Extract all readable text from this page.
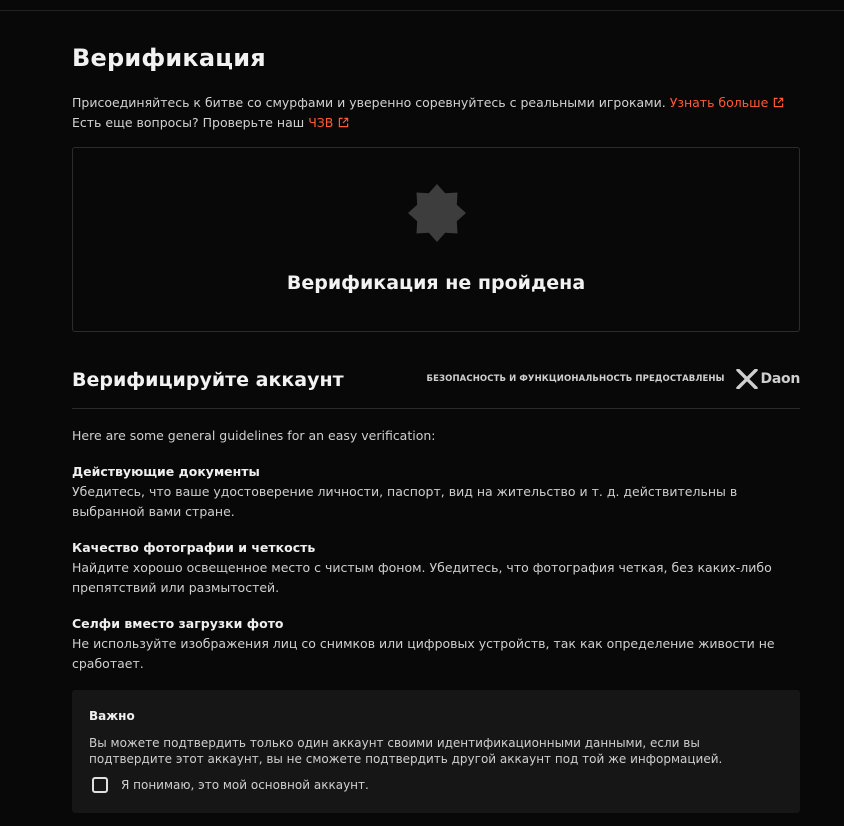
Верификация
Присоединяйтесь к битве со смурфами и уверенно соревнуйтесь с реальными игроками. Узнать больше
Есть еще вопросы? Проверьте наш ЧЗВ
Верификация не пройдена
Верифицируйте аккаунт	БЕЗОПАСНОСТЬ И ФУНКЦИОНАЛЬНОСТЬ ПРЕДОСТАВЛЕНЫ	Daon
Here are some general guidelines for an easy verification:
Действующие документы
Убедитесь, что ваше удостоверение личности, паспорт, вид на жительство и т. д. действительны в выбранной вами стране.
Качество фотографии и четкость
Найдите хорошо освещенное место с чистым фоном. Убедитесь, что фотография четкая, без каких-либо препятствий или размытостей.
Селфи вместо загрузки фото
Не используйте изображения лиц со снимков или цифровых устройств, так как определение живости не сработает.
Важно
Вы можете подтвердить только один аккаунт своими идентификационными данными, если вы подтвердите этот аккаунт, вы не сможете подтвердить другой аккаунт под той же информацией.
Я понимаю, это мой основной аккаунт.
